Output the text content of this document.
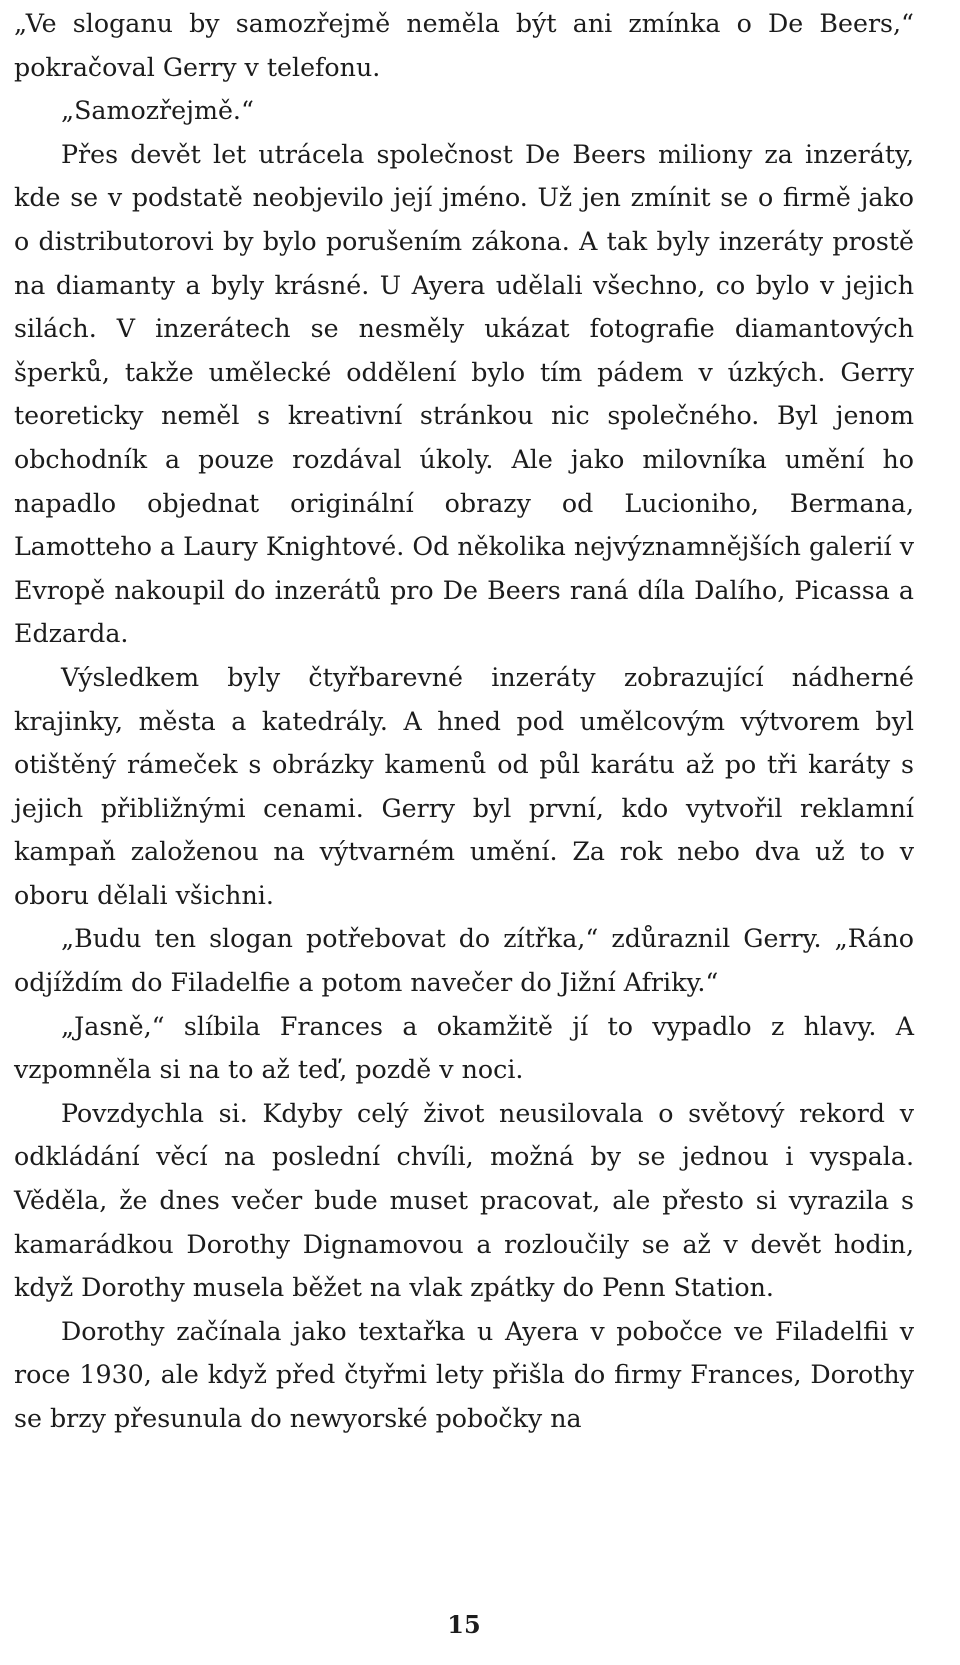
„Ve sloganu by samozřejmě neměla být ani zmínka o De Beers,“ pokračoval Gerry v telefonu.

„Samozřejmě.“

Přes devět let utrácela společnost De Beers miliony za inzeráty, kde se v podstatě neobjevilo její jméno. Už jen zmínit se o firmě jako o distributorovi by bylo porušením zákona. A tak byly inzeráty prostě na diamanty a byly krásné. U Ayera udělali všechno, co bylo v jejich silách. V inzerátech se nesměly ukázat fotografie diamantových šperků, takže umělecké oddělení bylo tím pádem v úzkých. Gerry teoreticky neměl s kreativní stránkou nic společného. Byl jenom obchodník a pouze rozdával úkoly. Ale jako milovníka umění ho napadlo objednat originální obrazy od Lucioniho, Bermana, Lamotteho a Laury Knightové. Od několika nejvýznamnějších galerií v Evropě nakoupil do inzerátů pro De Beers raná díla Dalího, Picassa a Edzarda.

Výsledkem byly čtyřbarevné inzeráty zobrazující nádherné krajinky, města a katedrály. A hned pod umělcovým výtvorem byl otištěný rámeček s obrázky kamenů od půl karátu až po tři karáty s jejich přibližnými cenami. Gerry byl první, kdo vytvořil reklamní kampaň založenou na výtvarném umění. Za rok nebo dva už to v oboru dělali všichni.

„Budu ten slogan potřebovat do zítřka,“ zdůraznil Gerry. „Ráno odjíždím do Filadelfie a potom navečer do Jižní Afriky.“

„Jasně,“ slíbila Frances a okamžitě jí to vypadlo z hlavy. A vzpomněla si na to až teď, pozdě v noci.

Povzdychla si. Kdyby celý život neusilovala o světový rekord v odkládání věcí na poslední chvíli, možná by se jednou i vyspala. Věděla, že dnes večer bude muset pracovat, ale přesto si vyrazila s kamarádkou Dorothy Dignamovou a rozloučily se až v devět hodin, když Dorothy musela běžet na vlak zpátky do Penn Station.

Dorothy začínala jako textařka u Ayera v pobočce ve Filadelfii v roce 1930, ale když před čtyřmi lety přišla do firmy Frances, Dorothy se brzy přesunula do newyorské pobočky na

15
